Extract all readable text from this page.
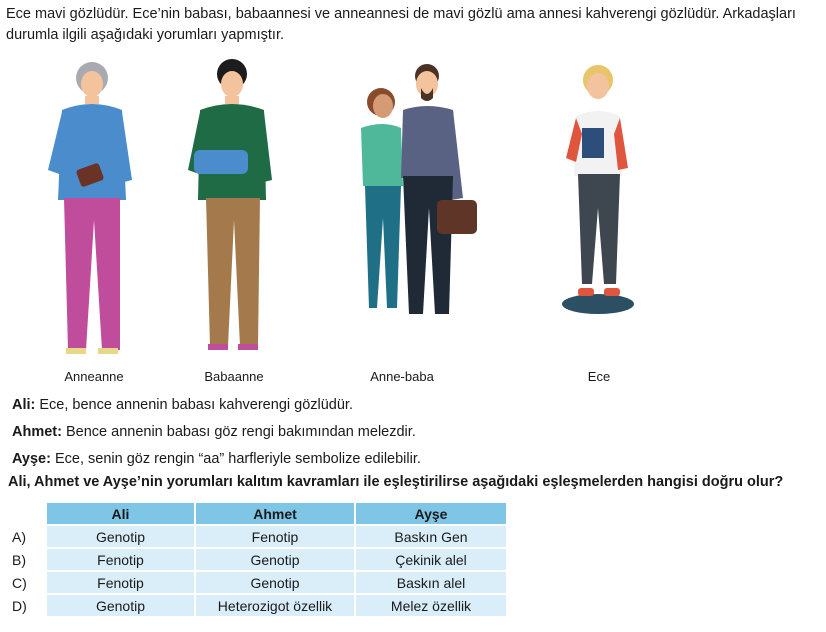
Ece mavi gözlüdür. Ece’nin babası, babaannesi ve anneannesi de mavi gözlü ama annesi kahverengi gözlüdür. Arkadaşları durumla ilgili aşağıdaki yorumları yapmıştır.
Anneanne	Babaanne	Anne-baba	Ece
Ali: Ece, bence annenin babası kahverengi gözlüdür.
Ahmet: Bence annenin babası göz rengi bakımından melezdir.
Ayşe: Ece, senin göz rengin “aa” harfleriyle sembolize edilebilir.
Ali, Ahmet ve Ayşe’nin yorumları kalıtım kavramları ile eşleştirilirse aşağıdaki eşleşmelerden hangisi doğru olur?
	Ali	Ahmet	Ayşe
A)	Genotip	Fenotip	Baskın Gen
B)	Fenotip	Genotip	Çekinik alel
C)	Fenotip	Genotip	Baskın alel
D)	Genotip	Heterozigot özellik	Melez özellik
